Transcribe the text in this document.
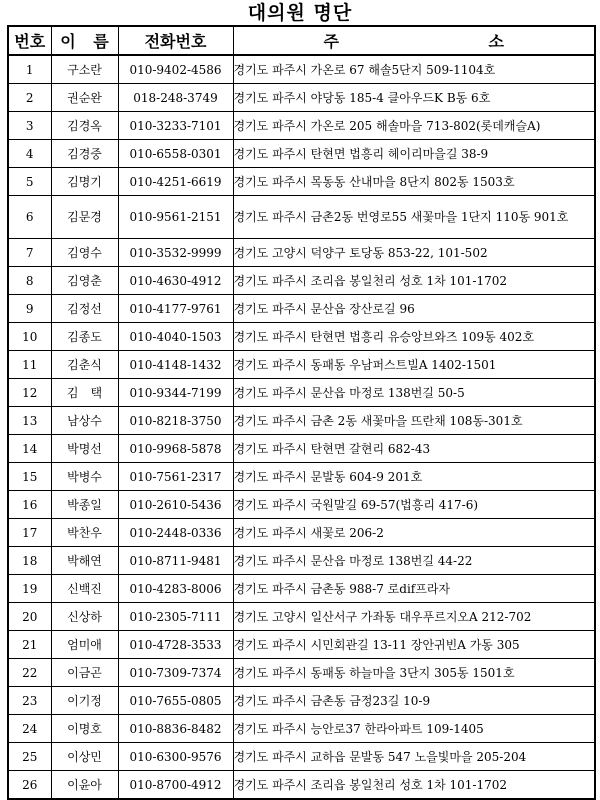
대의원 명단
번호	이 름	전화번호	주 소
1	구소란	010-9402-4586	경기도 파주시 가온로 67 해솔5단지 509-1104호
2	권순완	018-248-3749	경기도 파주시 야당동 185-4 클아우드K B동 6호
3	김경옥	010-3233-7101	경기도 파주시 가온로 205 해솔마을 713-802(롯데캐슬A)
4	김경중	010-6558-0301	경기도 파주시 탄현면 법흥리 헤이리마을길 38-9
5	김명기	010-4251-6619	경기도 파주시 목동동 산내마을 8단지 802동 1503호
6	김문경	010-9561-2151	경기도 파주시 금촌2동 번영로55 새꽃마을 1단지 110동 901호
7	김영수	010-3532-9999	경기도 고양시 덕양구 토당동 853-22, 101-502
8	김영춘	010-4630-4912	경기도 파주시 조리읍 봉일천리 성호 1차 101-1702
9	김정선	010-4177-9761	경기도 파주시 문산읍 장산로길 96
10	김종도	010-4040-1503	경기도 파주시 탄현면 법흥리 유승앙브와즈 109동 402호
11	김춘식	010-4148-1432	경기도 파주시 동패동 우남퍼스트빌A 1402-1501
12	김　택	010-9344-7199	경기도 파주시 문산읍 마정로 138번길 50-5
13	남상수	010-8218-3750	경기도 파주시 금촌 2동 새꽃마을 뜨란채 108동-301호
14	박명선	010-9968-5878	경기도 파주시 탄현면 갈현리 682-43
15	박병수	010-7561-2317	경기도 파주시 문발동 604-9 201호
16	박종일	010-2610-5436	경기도 파주시 국원말길 69-57(법흥리 417-6)
17	박찬우	010-2448-0336	경기도 파주시 새꽃로 206-2
18	박해연	010-8711-9481	경기도 파주시 문산읍 마정로 138번길 44-22
19	신백진	010-4283-8006	경기도 파주시 금촌동 988-7 로dif프라자
20	신상하	010-2305-7111	경기도 고양시 일산서구 가좌동 대우푸르지오A 212-702
21	엄미애	010-4728-3533	경기도 파주시 시민회관길 13-11 장안귀빈A 가동 305
22	이금곤	010-7309-7374	경기도 파주시 동패동 하늘마을 3단지 305동 1501호
23	이기정	010-7655-0805	경기도 파주시 금촌동 금정23길 10-9
24	이명호	010-8836-8482	경기도 파주시 능안로37 한라아파트 109-1405
25	이상민	010-6300-9576	경기도 파주시 교하읍 문발동 547 노을빛마을 205-204
26	이윤아	010-8700-4912	경기도 파주시 조리읍 봉일천리 성호 1차 101-1702
